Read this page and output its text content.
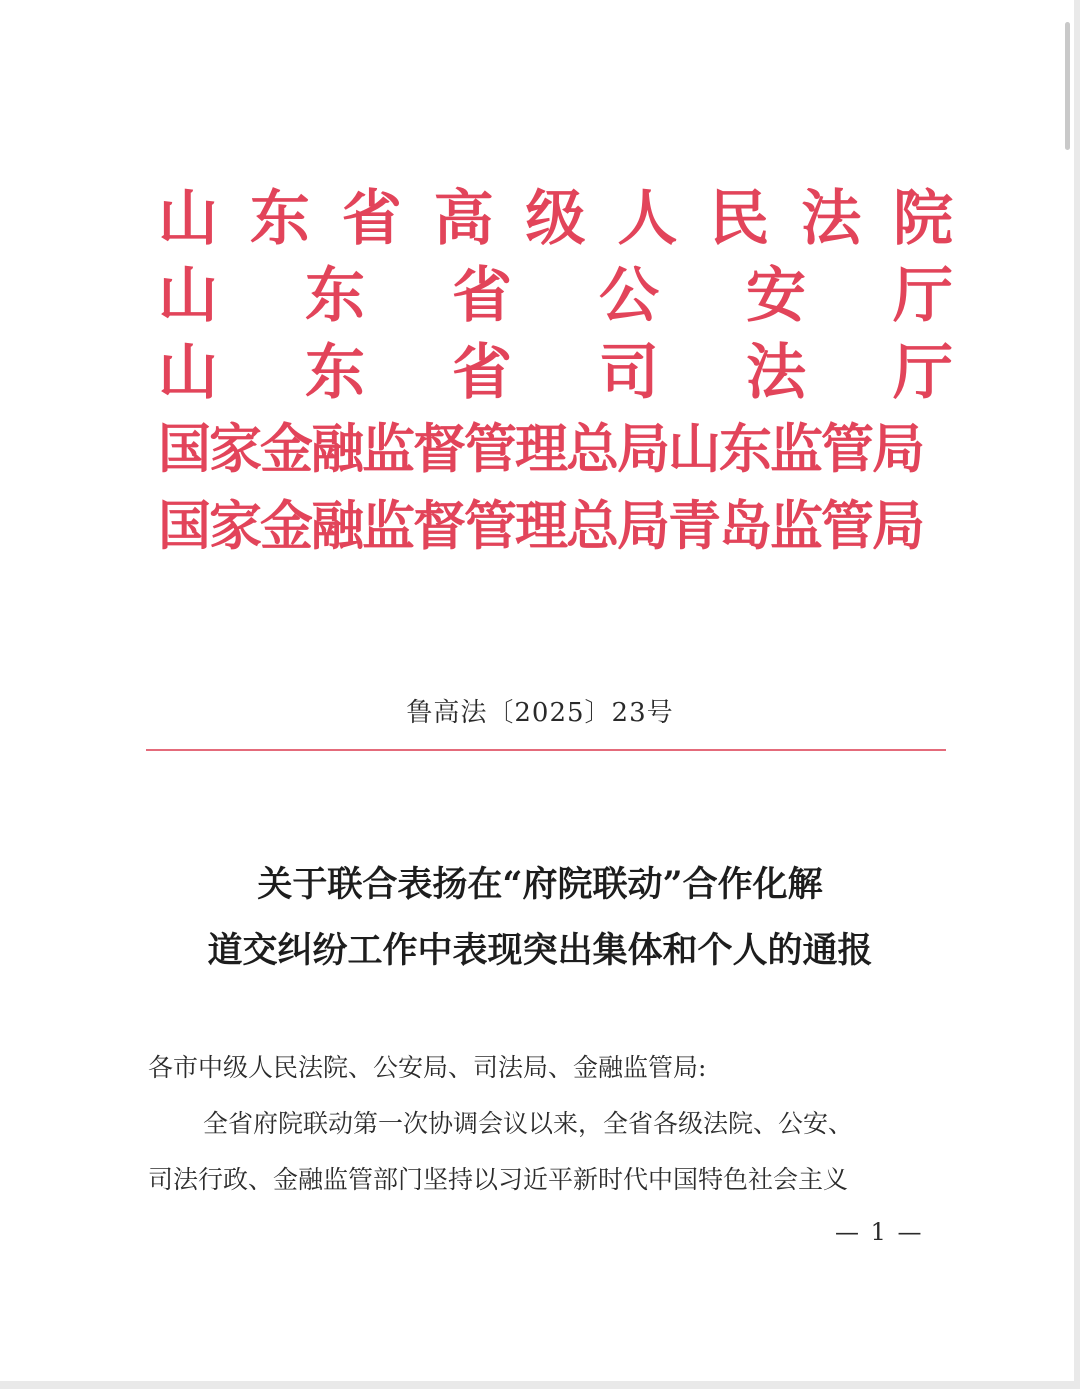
山 东 省 高 级 人 民 法 院
山 东 省 公 安 厅
山 东 省 司 法 厅
国家金融监督管理总局山东监管局
国家金融监督管理总局青岛监管局
鲁高法〔2025〕23号
关于联合表扬在“府院联动”合作化解
道交纠纷工作中表现突出集体和个人的通报
各市中级人民法院、公安局、司法局、金融监管局:
全省府院联动第一次协调会议以来，全省各级法院、公安、
司法行政、金融监管部门坚持以习近平新时代中国特色社会主义
— 1 —
